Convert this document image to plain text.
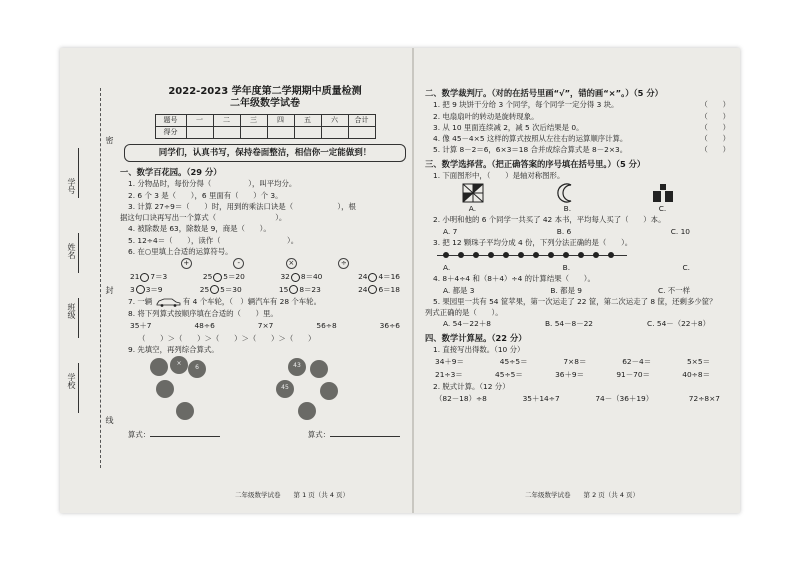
密
封
线
学号
姓名
班级
学校

2022-2023 学年度第二学期期中质量检测

二年级数学试卷

题号	一	二	三	四	五	六	合计
得分							
同学们，认真书写，保持卷面整洁，相信你一定能做到！
一、数学百花园。（29 分）
1. 分物品时，每份分得（　　　　　），叫平均分。
2. 6 个 3 是（　　），6 里面有（　　）个 3。
3. 计算 27÷9＝（　　）时，用到的乘法口诀是（　　　　　　），根
据这句口诀再写出一个算式（　　　　　　　　）。
4. 被除数是 63，除数是 9，商是（　　）。
5. 12÷4＝（　　），读作（　　　　　　　　　）。
6. 在○里填上合适的运算符号。
+	-	×	÷
21 7＝3	25 5＝20	32 8＝40	24 4＝16
3 3＝9	25 5＝30	15 8＝23	24 6＝18
7. 一辆	有 4 个车轮，（　）辆汽车有 28 个车轮。
8. 将下列算式按顺序填在合适的（　　）里。
35＋7	48÷6	7×7	56÷8	36÷6
（　　）＞（　　）＞（　　）＞（　　）＞（　　）
9. 先填空，再列综合算式。
×
6	43
45
算式：	算式：
二年级数学试卷　　第 1 页（共 4 页）
二、数学裁判厅。（对的在括号里画“√”，错的画“×”。）（5 分）
1. 把 9 块饼干分给 3 个同学，每个同学一定分得 3 块。	（　　）
2. 电扇扇叶的转动是旋转现象。	（　　）
3. 从 10 里面连续减 2，减 5 次后结果是 0。	（　　）
4. 像 45－4×5 这样的算式按照从左往右的运算顺序计算。	（　　）
5. 计算 8－2＝6，6×3＝18 合并成综合算式是 8－2×3。	（　　）
三、数学选择营。（把正确答案的序号填在括号里。）（5 分）
1. 下面图形中，（　　）是轴对称图形。
A.	B.	C.
2. 小明和他的 6 个同学一共买了 42 本书，平均每人买了（　　）本。
A. 7	B. 6	C. 10
3. 把 12 颗珠子平均分成 4 份，下列分法正确的是（　　）。
A.	B.	C.
4. 8＋4÷4 和（8＋4）÷4 的计算结果（　　）。
A. 都是 3	B. 都是 9	C. 不一样
5. 果园里一共有 54 筐苹果，第一次运走了 22 筐，第二次运走了 8 筐，还剩多少筐？
列式正确的是（　　）。
A. 54－22＋8	B. 54－8－22	C. 54－（22＋8）
四、数学计算屋。（22 分）
1. 直接写出得数。（10 分）
34＋9＝	45÷5＝	7×8＝	62－4＝	5×5＝
21÷3＝	45÷5＝	36＋9＝	91－70＝	40÷8＝
2. 脱式计算。（12 分）
（82－18）÷8	35＋14÷7	74－（36＋19）	72÷8×7
二年级数学试卷　　第 2 页（共 4 页）
